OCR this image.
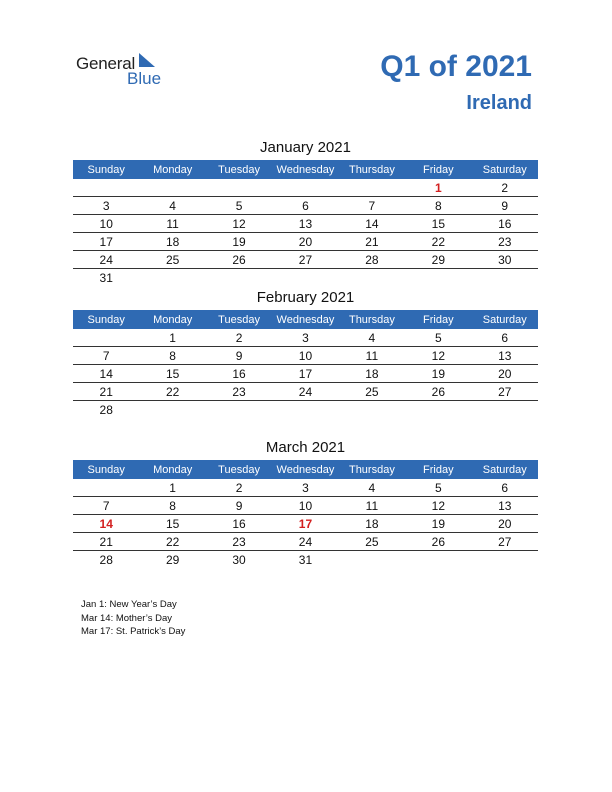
General
Blue	Q1 of 2021
Ireland
January 2021
Sunday	Monday	Tuesday	Wednesday	Thursday	Friday	Saturday
					1	2
3	4	5	6	7	8	9
10	11	12	13	14	15	16
17	18	19	20	21	22	23
24	25	26	27	28	29	30
31						
February 2021
Sunday	Monday	Tuesday	Wednesday	Thursday	Friday	Saturday
	1	2	3	4	5	6
7	8	9	10	11	12	13
14	15	16	17	18	19	20
21	22	23	24	25	26	27
28						
March 2021
Sunday	Monday	Tuesday	Wednesday	Thursday	Friday	Saturday
	1	2	3	4	5	6
7	8	9	10	11	12	13
14	15	16	17	18	19	20
21	22	23	24	25	26	27
28	29	30	31			
Jan 1: New Year’s Day
Mar 14: Mother’s Day
Mar 17: St. Patrick’s Day
